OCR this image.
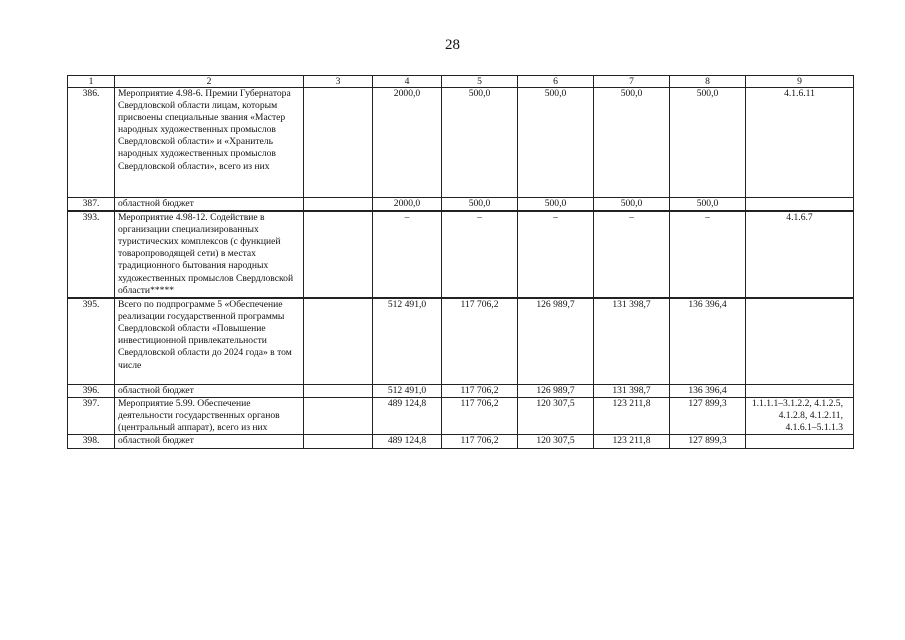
28
1	2	3	4	5	6	7	8	9
386.	Мероприятие 4.98-6. Премии Губернатора Свердловской области лицам, которым присвоены специальные звания «Мастер народных художественных промыслов Свердловской области» и «Хранитель народных художественных промыслов Свердловской области», всего из них		2000,0	500,0	500,0	500,0	500,0	4.1.6.11
387.	областной бюджет		2000,0	500,0	500,0	500,0	500,0	
393.	Мероприятие 4.98-12. Содействие в организации специализированных туристических комплексов (с функцией товаропроводящей сети) в местах традиционного бытования народных художественных промыслов Свердловской области*****		–	–	–	–	–	4.1.6.7
395.	Всего по подпрограмме 5 «Обеспечение реализации государственной программы Свердловской области «Повышение инвестиционной привлекательности Свердловской области до 2024 года» в том числе		512 491,0	117 706,2	126 989,7	131 398,7	136 396,4	
396.	областной бюджет		512 491,0	117 706,2	126 989,7	131 398,7	136 396,4	
397.	Мероприятие 5.99. Обеспечение деятельности государственных органов (центральный аппарат), всего из них		489 124,8	117 706,2	120 307,5	123 211,8	127 899,3	1.1.1.1–3.1.2.2, 4.1.2.5, 4.1.2.8, 4.1.2.11, 4.1.6.1–5.1.1.3
398.	областной бюджет		489 124,8	117 706,2	120 307,5	123 211,8	127 899,3	
